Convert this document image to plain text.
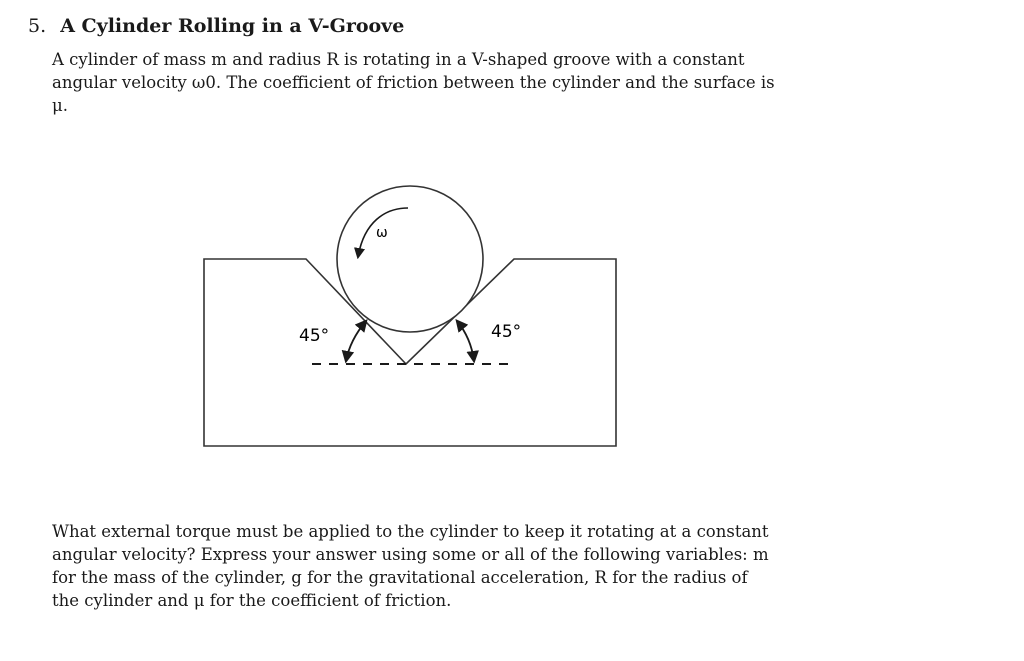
5. A Cylinder Rolling in a V-Groove
A cylinder of mass m and radius R is rotating in a V-shaped groove with a constant
angular velocity ω0. The coefficient of friction between the cylinder and the surface is
μ.
ω
45°	45°
What external torque must be applied to the cylinder to keep it rotating at a constant
angular velocity? Express your answer using some or all of the following variables: m
for the mass of the cylinder, g for the gravitational acceleration, R for the radius of
the cylinder and μ for the coefficient of friction.
